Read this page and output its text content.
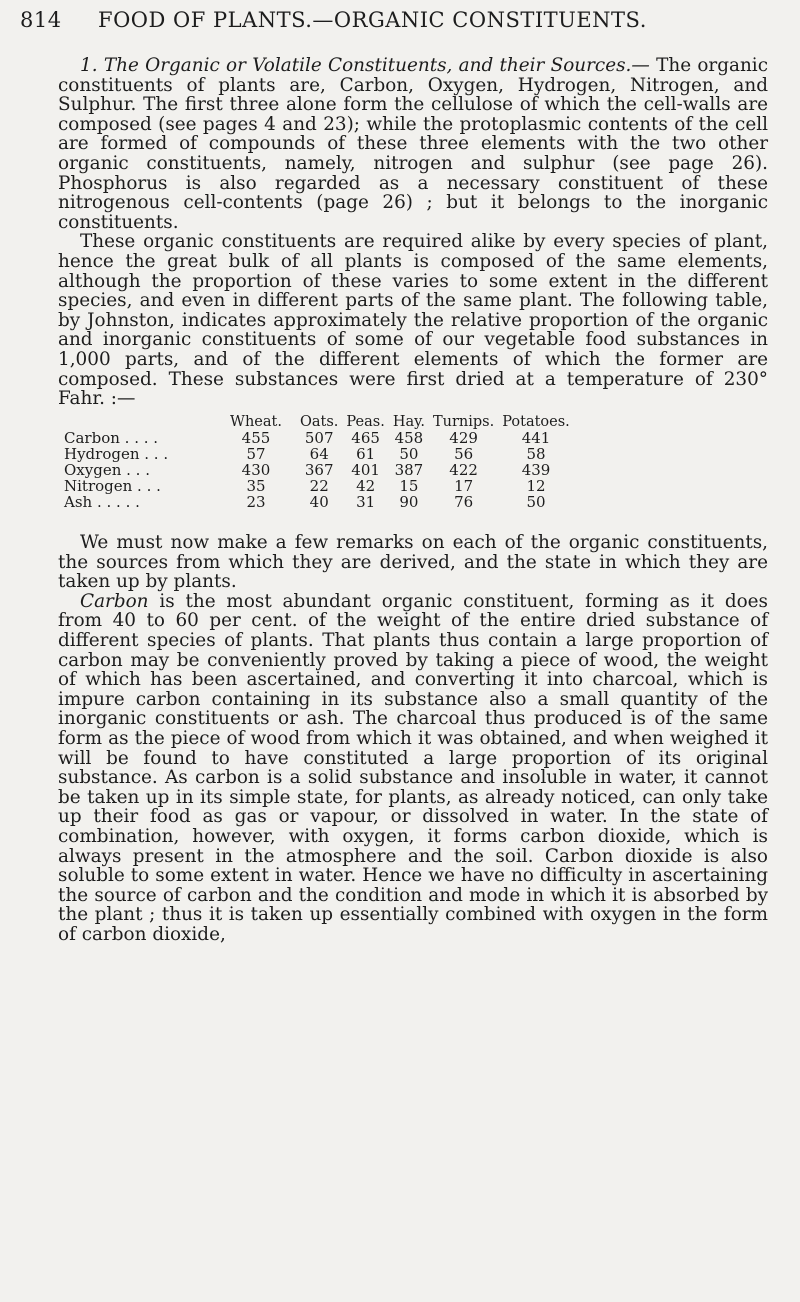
814 FOOD OF PLANTS.—ORGANIC CONSTITUENTS.

1. The Organic or Volatile Constituents, and their Sources.— The organic constituents of plants are, Carbon, Oxygen, Hydrogen, Nitrogen, and Sulphur. The first three alone form the cellulose of which the cell-walls are composed (see pages 4 and 23); while the protoplasmic contents of the cell are formed of compounds of these three elements with the two other organic constituents, namely, nitrogen and sulphur (see page 26). Phosphorus is also regarded as a necessary constituent of these nitrogenous cell-contents (page 26) ; but it belongs to the inorganic constituents.

These organic constituents are required alike by every species of plant, hence the great bulk of all plants is composed of the same elements, although the proportion of these varies to some extent in the different species, and even in different parts of the same plant. The following table, by Johnston, indicates approximately the relative proportion of the organic and inorganic constituents of some of our vegetable food substances in 1,000 parts, and of the different elements of which the former are composed. These substances were first dried at a temperature of 230° Fahr. :—

	Wheat.	Oats.	Peas.	Hay.	Turnips.	Potatoes.
Carbon . . . .	455	507	465	458	429	441
Hydrogen . . .	57	64	61	50	56	58
Oxygen . . .	430	367	401	387	422	439
Nitrogen . . .	35	22	42	15	17	12
Ash . . . . .	23	40	31	90	76	50

We must now make a few remarks on each of the organic constituents, the sources from which they are derived, and the state in which they are taken up by plants.

Carbon is the most abundant organic constituent, forming as it does from 40 to 60 per cent. of the weight of the entire dried substance of different species of plants. That plants thus contain a large proportion of carbon may be conveniently proved by taking a piece of wood, the weight of which has been ascertained, and converting it into charcoal, which is impure carbon containing in its substance also a small quantity of the inorganic constituents or ash. The charcoal thus produced is of the same form as the piece of wood from which it was obtained, and when weighed it will be found to have constituted a large proportion of its original substance. As carbon is a solid substance and insoluble in water, it cannot be taken up in its simple state, for plants, as already noticed, can only take up their food as gas or vapour, or dissolved in water. In the state of combination, however, with oxygen, it forms carbon dioxide, which is always present in the atmosphere and the soil. Carbon dioxide is also soluble to some extent in water. Hence we have no difficulty in ascertaining the source of carbon and the condition and mode in which it is absorbed by the plant ; thus it is taken up essentially combined with oxygen in the form of carbon dioxide,
